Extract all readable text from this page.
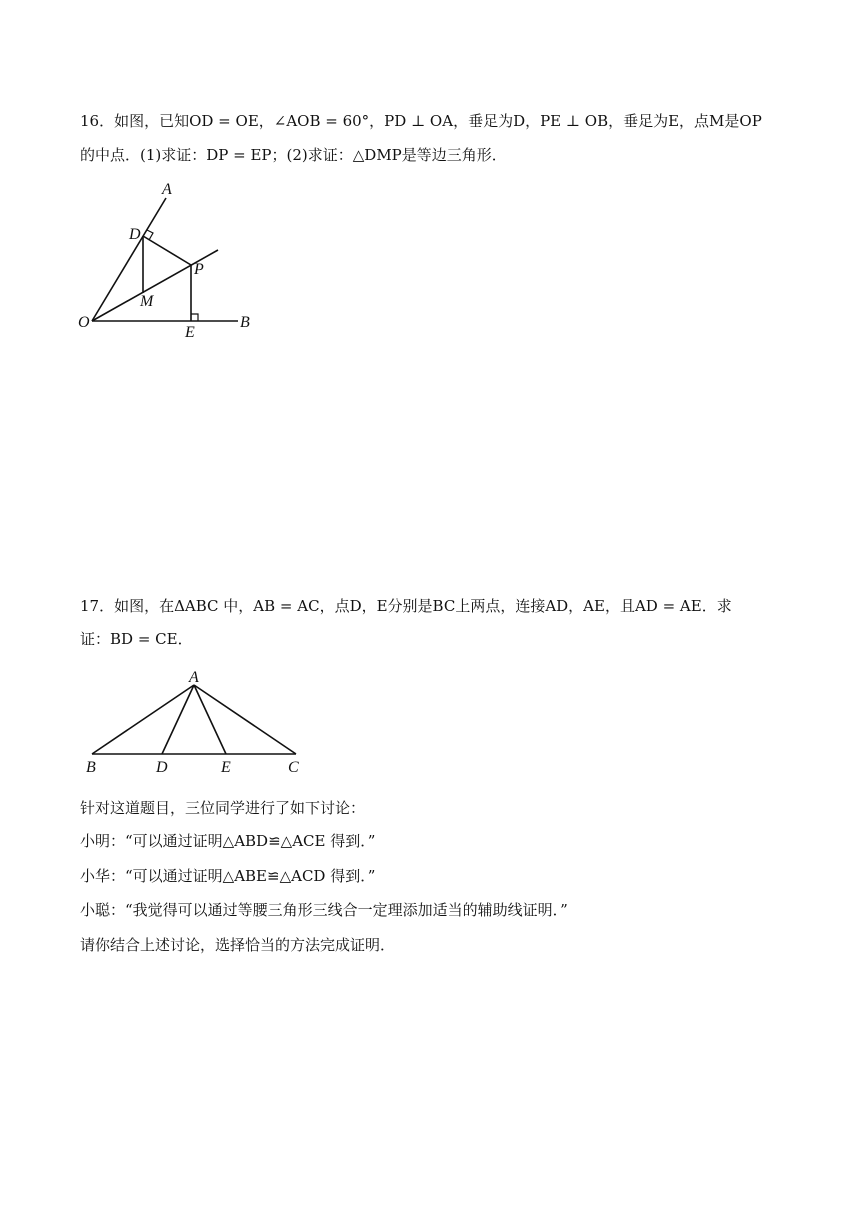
16．如图，已知OD = OE，∠AOB = 60°，PD ⊥ OA，垂足为D，PE ⊥ OB，垂足为E，点M是OP
的中点．(1)求证：DP = EP；(2)求证：△DMP是等边三角形．
A
D
P
M
O
E
B
17．如图，在ΔABC 中，AB = AC，点D，E分别是BC上两点，连接AD，AE，且AD = AE．求
证：BD = CE．
A
B	D	E	C
针对这道题目，三位同学进行了如下讨论：
小明：“可以通过证明△ABD≌△ACE 得到．”
小华：“可以通过证明△ABE≌△ACD 得到．”
小聪：“我觉得可以通过等腰三角形三线合一定理添加适当的辅助线证明．”
请你结合上述讨论，选择恰当的方法完成证明．
